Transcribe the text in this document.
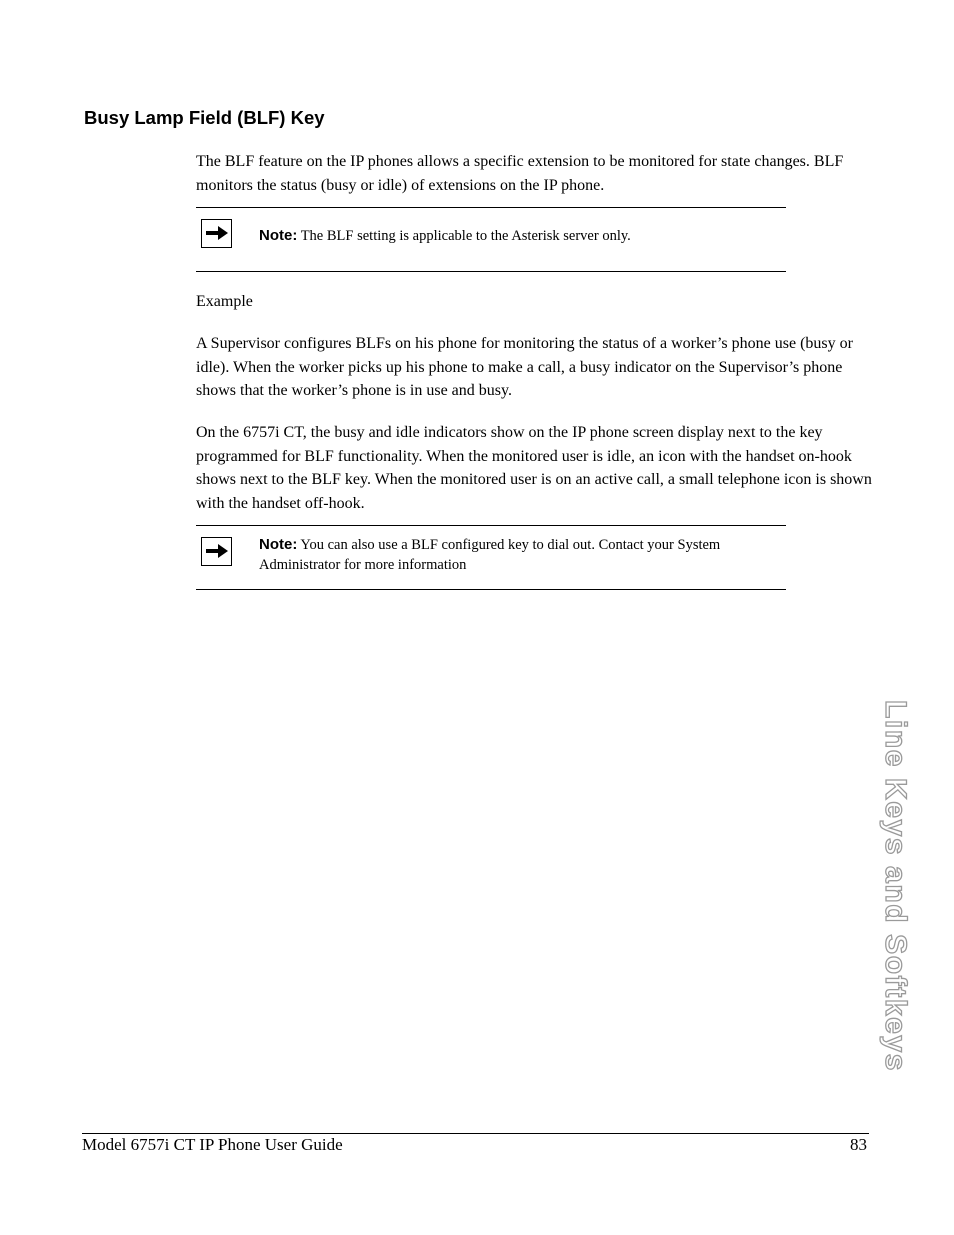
Busy Lamp Field (BLF) Key

The BLF feature on the IP phones allows a specific extension to be monitored for state changes. BLF monitors the status (busy or idle) of extensions on the IP phone.

Note: The BLF setting is applicable to the Asterisk server only.

Example

A Supervisor configures BLFs on his phone for monitoring the status of a worker’s phone use (busy or idle). When the worker picks up his phone to make a call, a busy indicator on the Supervisor’s phone shows that the worker’s phone is in use and busy.

On the 6757i CT, the busy and idle indicators show on the IP phone screen display next to the key programmed for BLF functionality. When the monitored user is idle, an icon with the handset on-hook shows next to the BLF key. When the monitored user is on an active call, a small telephone icon is shown with the handset off-hook.

Note: You can also use a BLF configured key to dial out. Contact your System Administrator for more information

Line Keys and Softkeys

Model 6757i CT IP Phone User Guide	83
